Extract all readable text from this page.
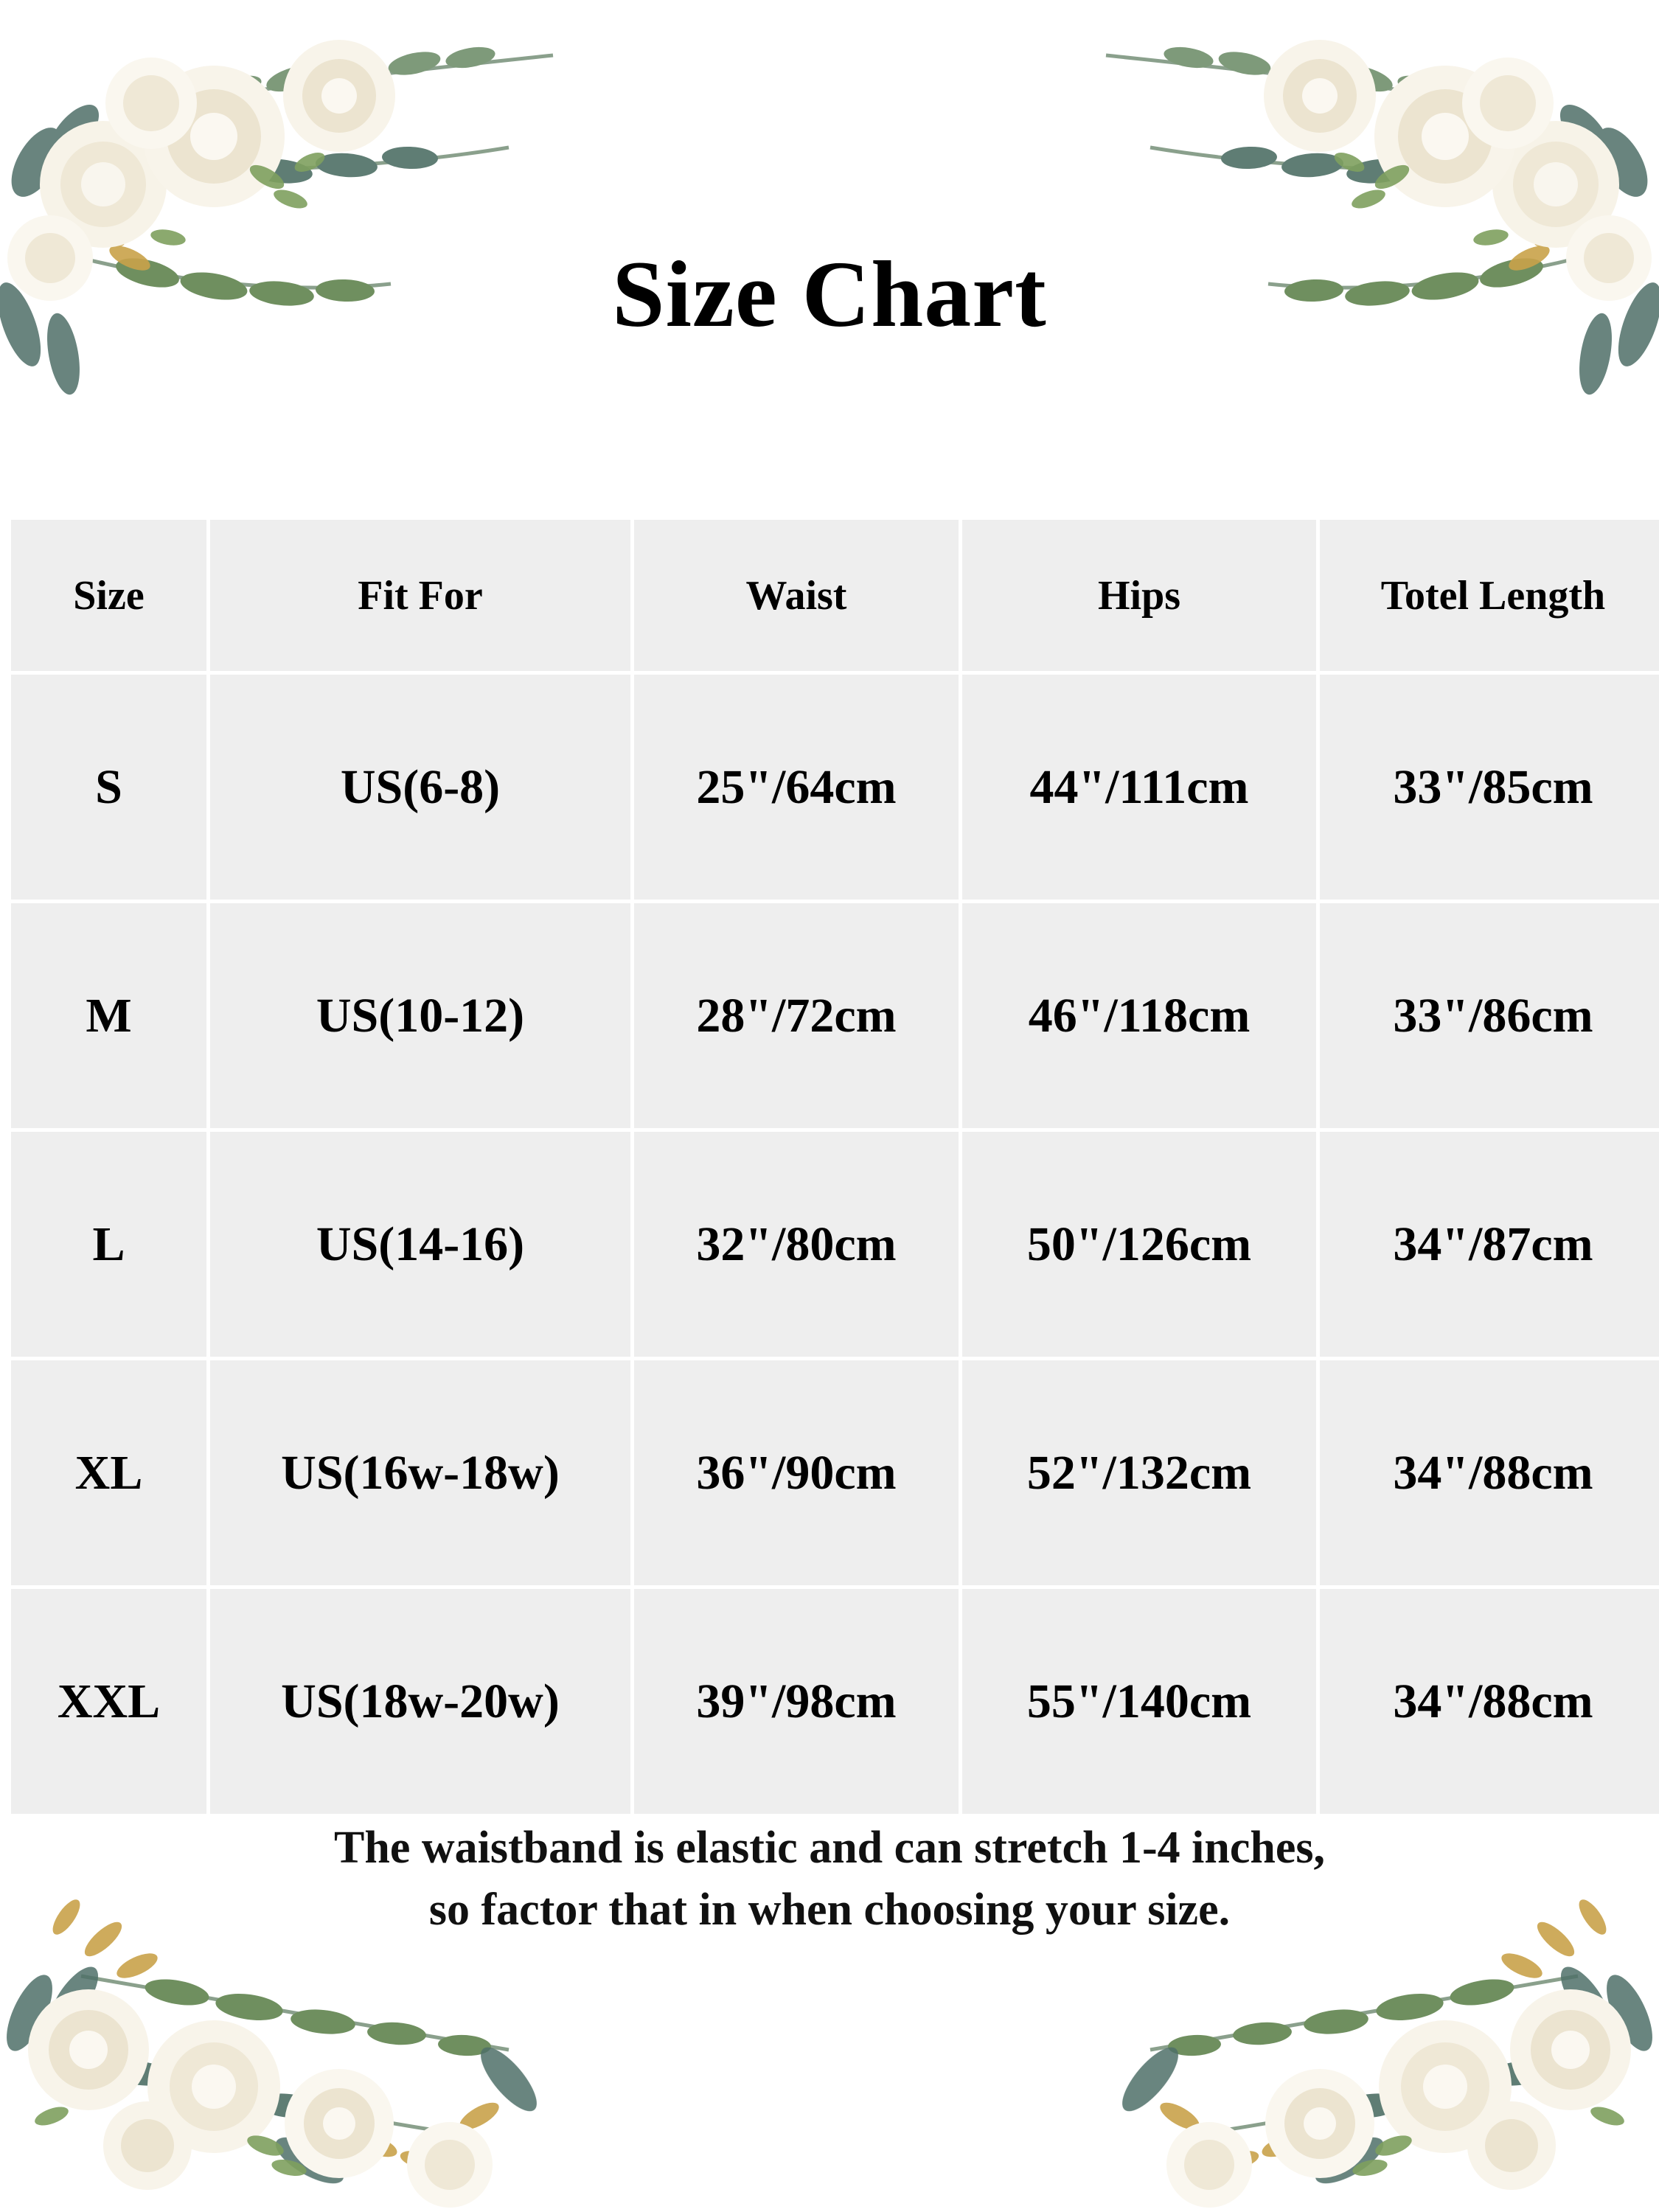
Size Chart
Size	Fit For	Waist	Hips	Totel Length
S	US(6-8)	25"/64cm	44"/111cm	33"/85cm
M	US(10-12)	28"/72cm	46"/118cm	33"/86cm
L	US(14-16)	32"/80cm	50"/126cm	34"/87cm
XL	US(16w-18w)	36"/90cm	52"/132cm	34"/88cm
XXL	US(18w-20w)	39"/98cm	55"/140cm	34"/88cm
The waistband is elastic and can stretch 1-4 inches,
so factor that in when choosing your size.
